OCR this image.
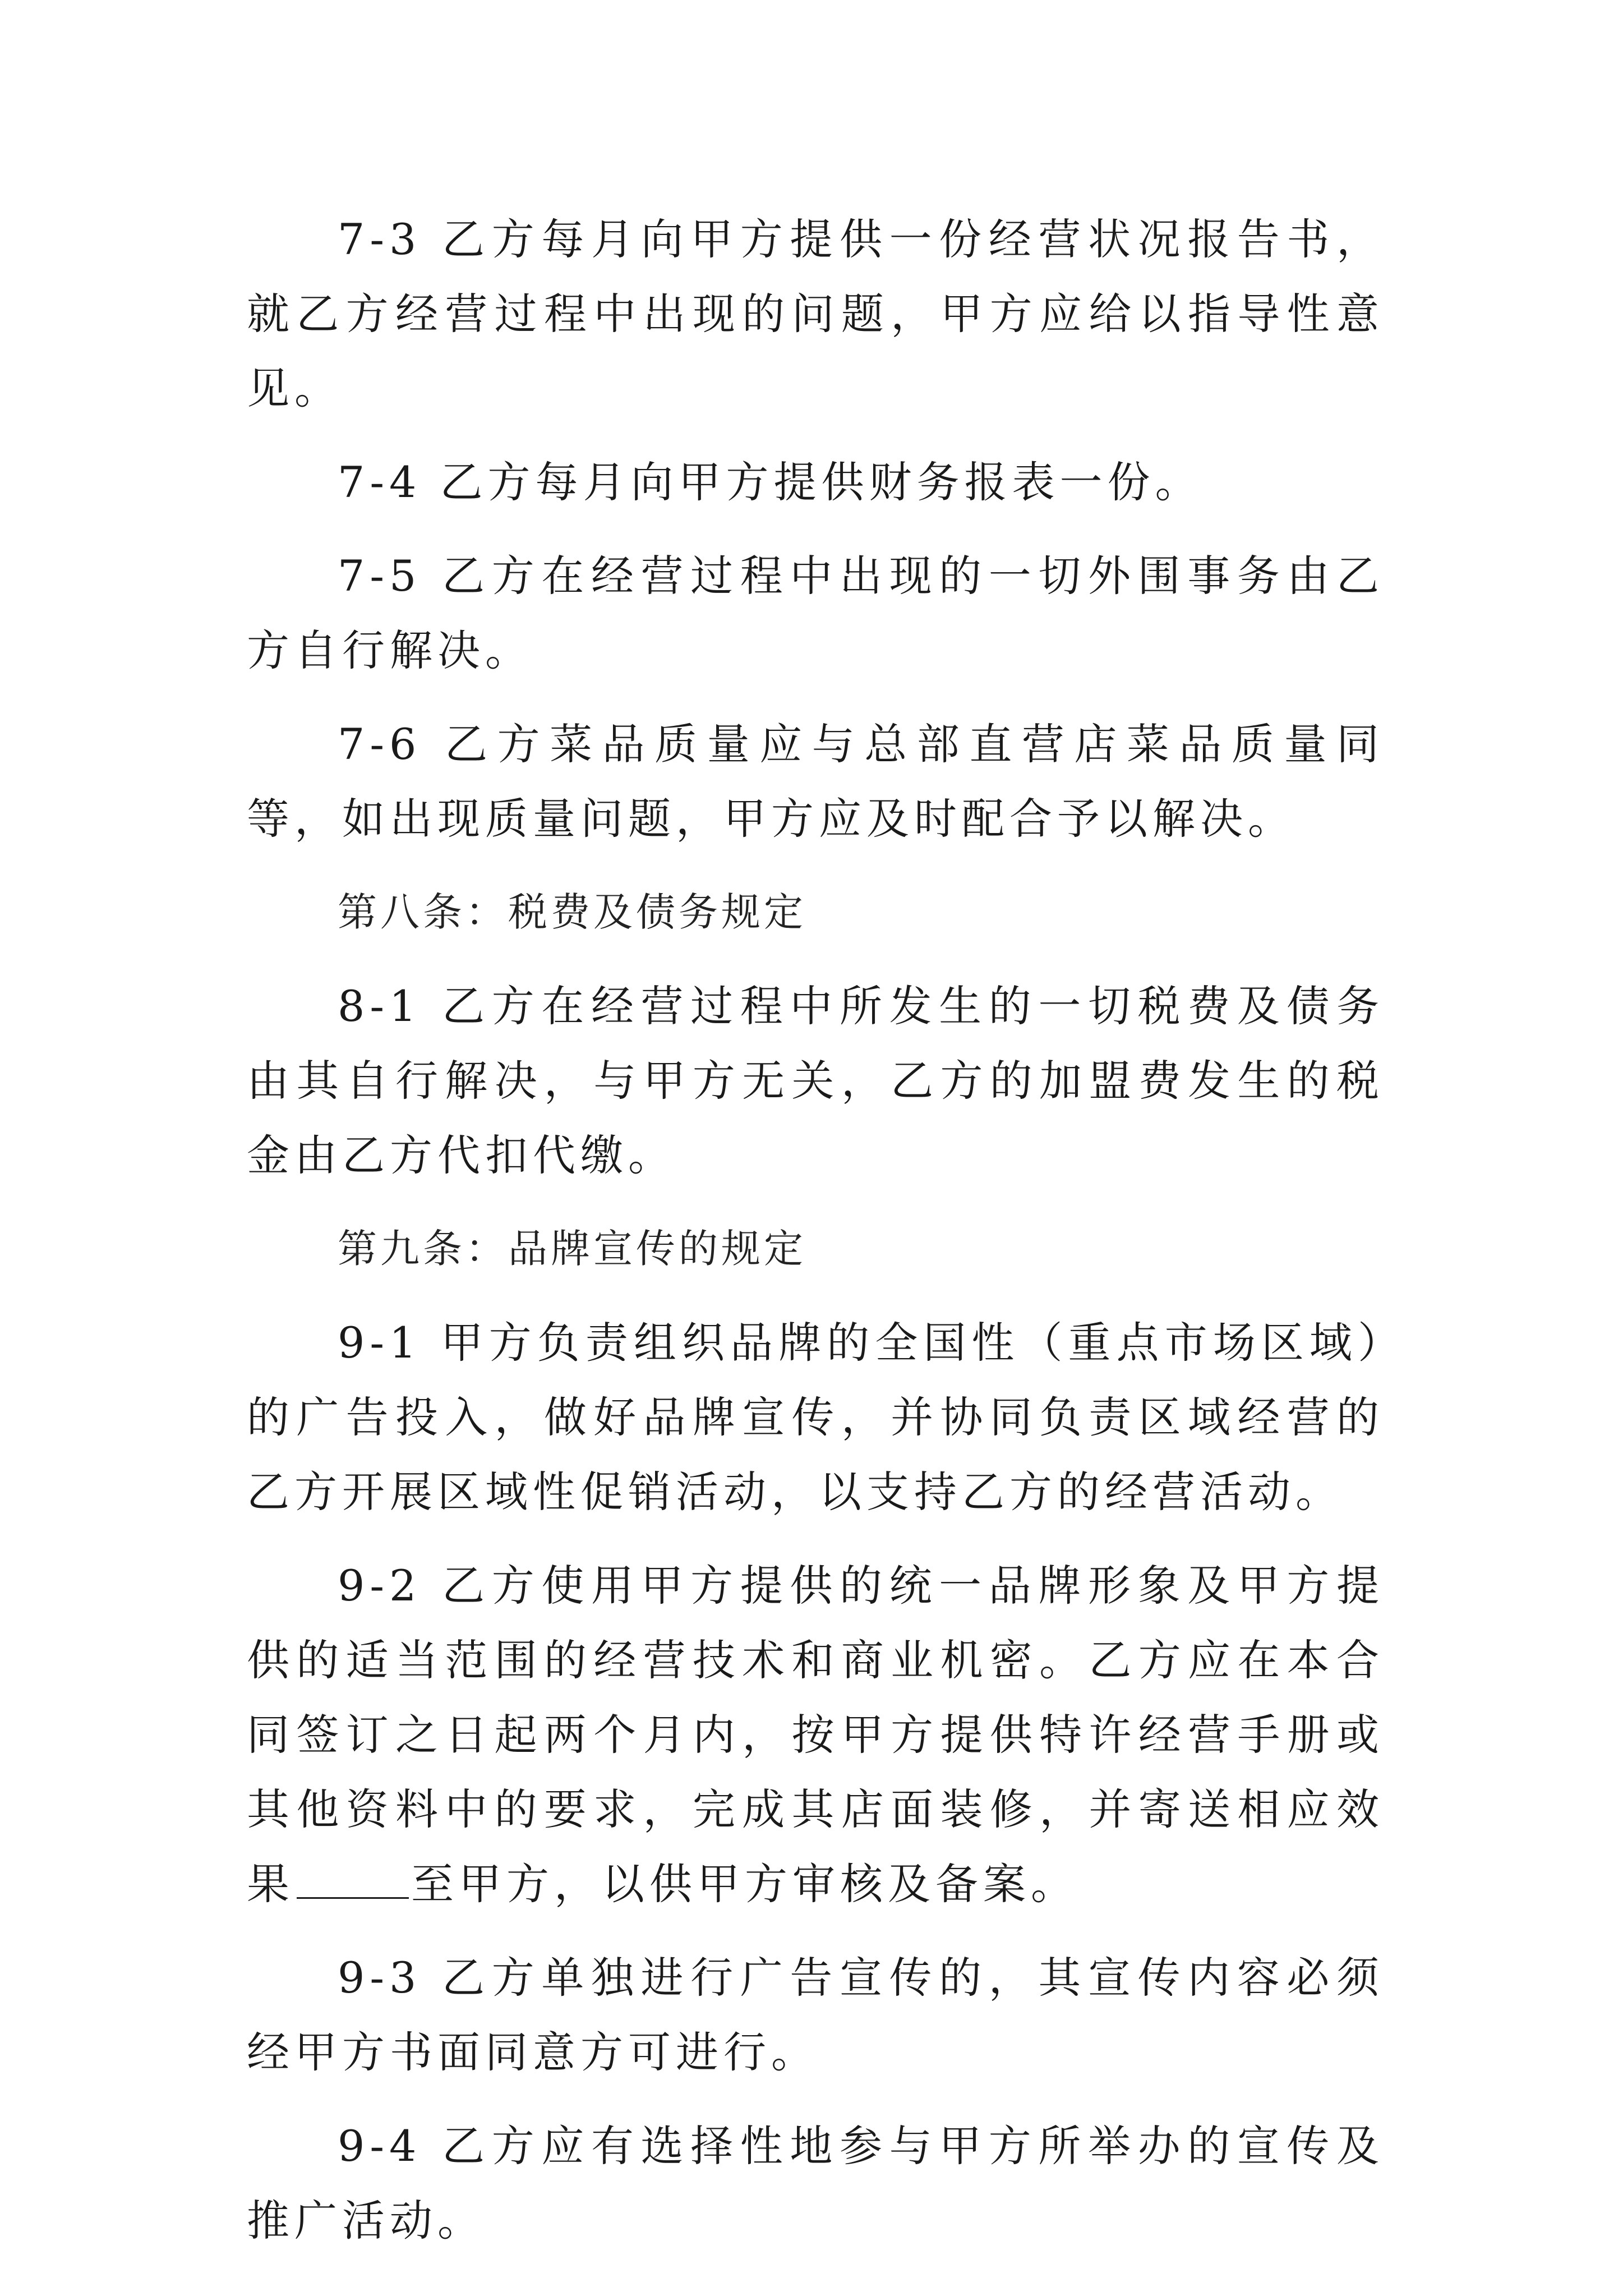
7-3 乙方每月向甲方提供一份经营状况报告书，就乙方经营过程中出现的问题，甲方应给以指导性意见。

7-4 乙方每月向甲方提供财务报表一份。

7-5 乙方在经营过程中出现的一切外围事务由乙方自行解决。

7-6 乙方菜品质量应与总部直营店菜品质量同等，如出现质量问题，甲方应及时配合予以解决。

第八条：税费及债务规定

8-1 乙方在经营过程中所发生的一切税费及债务由其自行解决，与甲方无关，乙方的加盟费发生的税金由乙方代扣代缴。

第九条：品牌宣传的规定

9-1 甲方负责组织品牌的全国性（重点市场区域）的广告投入，做好品牌宣传，并协同负责区域经营的乙方开展区域性促销活动，以支持乙方的经营活动。

9-2 乙方使用甲方提供的统一品牌形象及甲方提供的适当范围的经营技术和商业机密。乙方应在本合同签订之日起两个月内，按甲方提供特许经营手册或其他资料中的要求，完成其店面装修，并寄送相应效果	至甲方，以供甲方审核及备案。

9-3 乙方单独进行广告宣传的，其宣传内容必须经甲方书面同意方可进行。

9-4 乙方应有选择性地参与甲方所举办的宣传及推广活动。
